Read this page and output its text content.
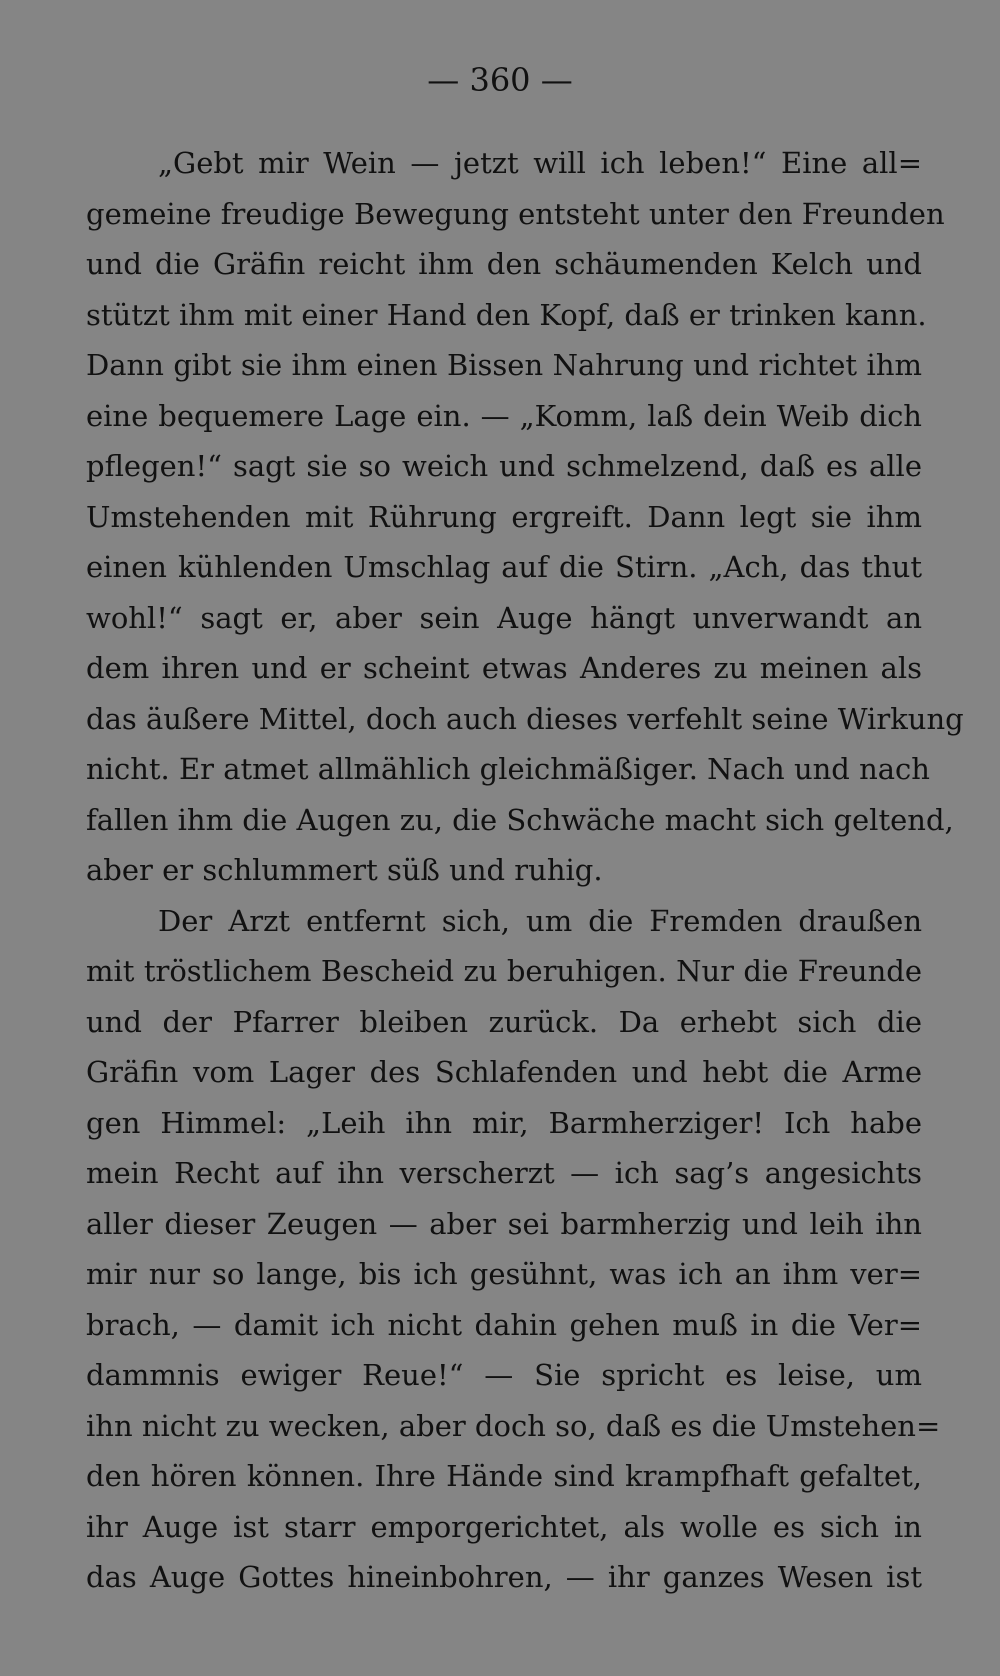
— 360 —
„Gebt mir Wein — jetzt will ich leben!“ Eine all=
gemeine freudige Bewegung entsteht unter den Freunden
und die Gräfin reicht ihm den schäumenden Kelch und
stützt ihm mit einer Hand den Kopf, daß er trinken kann.
Dann gibt sie ihm einen Bissen Nahrung und richtet ihm
eine bequemere Lage ein. — „Komm, laß dein Weib dich
pflegen!“ sagt sie so weich und schmelzend, daß es alle
Umstehenden mit Rührung ergreift. Dann legt sie ihm
einen kühlenden Umschlag auf die Stirn. „Ach, das thut
wohl!“ sagt er, aber sein Auge hängt unverwandt an
dem ihren und er scheint etwas Anderes zu meinen als
das äußere Mittel, doch auch dieses verfehlt seine Wirkung
nicht. Er atmet allmählich gleichmäßiger. Nach und nach
fallen ihm die Augen zu, die Schwäche macht sich geltend,
aber er schlummert süß und ruhig.
Der Arzt entfernt sich, um die Fremden draußen
mit tröstlichem Bescheid zu beruhigen. Nur die Freunde
und der Pfarrer bleiben zurück. Da erhebt sich die
Gräfin vom Lager des Schlafenden und hebt die Arme
gen Himmel: „Leih ihn mir, Barmherziger! Ich habe
mein Recht auf ihn verscherzt — ich sag’s angesichts
aller dieser Zeugen — aber sei barmherzig und leih ihn
mir nur so lange, bis ich gesühnt, was ich an ihm ver=
brach, — damit ich nicht dahin gehen muß in die Ver=
dammnis ewiger Reue!“ — Sie spricht es leise, um
ihn nicht zu wecken, aber doch so, daß es die Umstehen=
den hören können. Ihre Hände sind krampfhaft gefaltet,
ihr Auge ist starr emporgerichtet, als wolle es sich in
das Auge Gottes hineinbohren, — ihr ganzes Wesen ist
